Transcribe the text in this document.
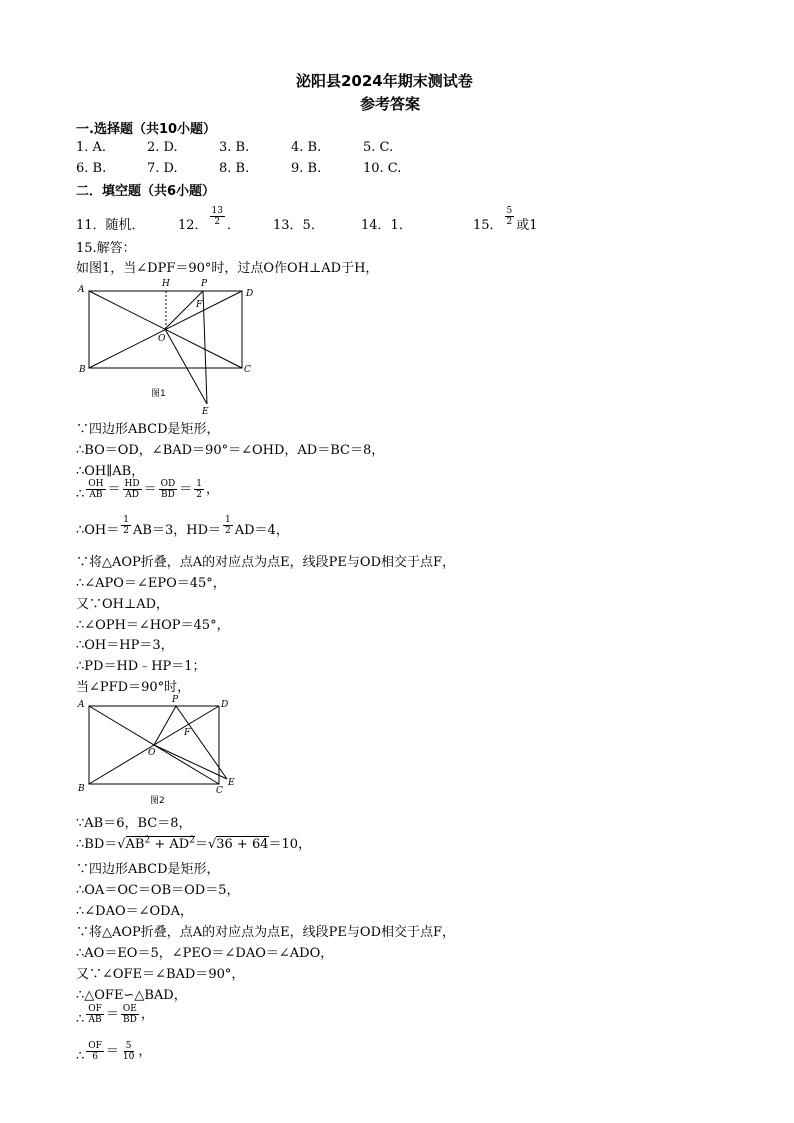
泌阳县2024年期末测试卷
参考答案
一.选择题（共10小题）
1. A.	2. D.	3. B.	4. B.	5. C.
6. B.	7. D.	8. B.	9. B.	10. C.
二．填空题（共6小题）
11．随机．	12． $\frac{13}{2}$ ．	13．5．	14．1．	15． $\frac{5}{2}$ 或1
15.解答：
如图1，当∠DPF＝90°时，过点O作OH⊥AD于H，
A
H	P
D
F
O
B	C
E
图1
∵四边形ABCD是矩形，
∴BO＝OD，∠BAD＝90°＝∠OHD，AD＝BC＝8，
∴OH∥AB，
∴ $\frac{OH}{AB} = \frac{HD}{AD} = \frac{OD}{BD} = \frac{1}{2}$ ，
∴OH＝ $\frac{1}{2} AB=3$，$HD= \frac{1}{2} AD=4$，
∵将△AOP折叠，点A的对应点为点E，线段PE与OD相交于点F，
∴∠APO＝∠EPO＝45°，
又∵OH⊥AD，
∴∠OPH＝∠HOP＝45°，
∴OH＝HP＝3，
∴PD＝HD﹣HP＝1；
当∠PFD＝90°时，
A	P	D
F
O
B	C
E
图2
∵AB＝6，BC＝8，
$\therefore BD=√AB^2 + AD^2=√36 + 64=10$，
∵四边形ABCD是矩形，
∴OA＝OC＝OB＝OD＝5，
∴∠DAO＝∠ODA，
∵将△AOP折叠，点A的对应点为点E，线段PE与OD相交于点F，
∴AO＝EO＝5，∠PEO＝∠DAO＝∠ADO，
又∵∠OFE＝∠BAD＝90°，
∴△OFE∽△BAD，
∴ $\frac{OF}{AB} = \frac{OE}{BD}$ ，
∴ $\frac{OF}{6} = \frac{5}{10}$ ，
